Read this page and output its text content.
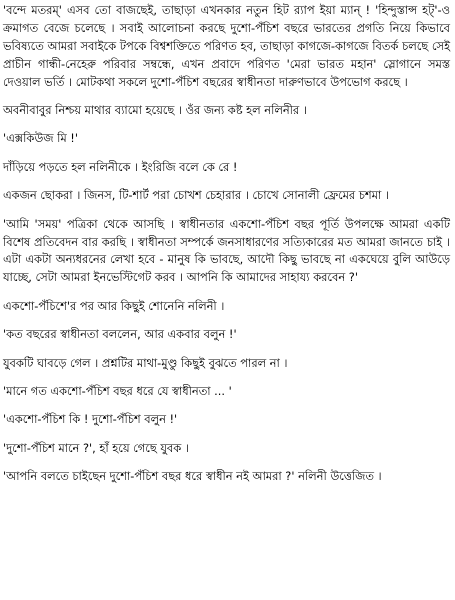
'বন্দে মতরম্' এসব তো বাজছেই, তাছাড়া এখনকার নতুন হিট র‍্যাপ ইয়া ম্যান্‌ ! 'হিন্দুস্তান্স হট্‌'-ও ক্রমাগত বেজে চলেছে । সবাই আলোচনা করছে দুশো-পঁচিশ বছরে ভারতের প্রগতি নিয়ে কিভাবে ভবিষ্যতে আমরা সবাইকে টপকে বিশ্বশক্তিতে পরিণত হব, তাছাড়া কাগজে-কাগজে বিতর্ক চলছে সেই প্রাচীন গান্ধী-নেহেরু পরিবার সম্বন্ধে, এখন প্রবাদে পরিণত 'মেরা ভারত মহান' স্লোগানে সমস্ত দেওয়াল ভর্তি । মোটকথা সকলে দুশো-পঁচিশ বছরের স্বাধীনতা দারুণভাবে উপভোগ করছে ।

অবনীবাবুর নিশ্চয় মাথার ব্যামো হয়েছে । ওঁর জন্য কষ্ট হল নলিনীর ।

'এক্সকিউজ মি !'

দাঁড়িয়ে পড়তে হল নলিনীকে । ইংরিজি বলে কে রে !

একজন ছোকরা । জিনস, টি-শার্ট পরা চোখশ চেহারার । চোখে সোনালী ফ্রেমের চশমা ।

'আমি 'সময়' পত্রিকা থেকে আসছি । স্বাধীনতার একশো-পঁচিশ বছর পূর্তি উপলক্ষে আমরা একটি বিশেষ প্রতিবেদন বার করছি । স্বাধীনতা সম্পর্কে জনসাধারণের সত্যিকারের মত আমরা জানতে চাই । এটা একটা অন্যধরনের লেখা হবে - মানুষ কি ভাবছে, আদৌ কিছু ভাবছে না একঘেয়ে বুলি আউড়ে যাচ্ছে, সেটা আমরা ইনভেস্টিগেট করব । আপনি কি আমাদের সাহায্য করবেন ?'

একশো-পঁচিশে'র পর আর কিছুই শোনেনি নলিনী ।

'কত বছরের স্বাধীনতা বললেন, আর একবার বলুন !'

যুবকটি ঘাবড়ে গেল । প্রশ্নটির মাথা-মুণ্ডু কিছুই বুঝতে পারল না ।

'মানে গত একশো-পঁচিশ বছর ধরে যে স্বাধীনতা ... '

'একশো-পঁচিশ কি ! দুশো-পঁচিশ বলুন !'

'দুশো-পঁচিশ মানে ?', হাঁ হয়ে গেছে যুবক ।

'আপনি বলতে চাইছেন দুশো-পঁচিশ বছর ধরে স্বাধীন নই আমরা ?' নলিনী উত্তেজিত ।
